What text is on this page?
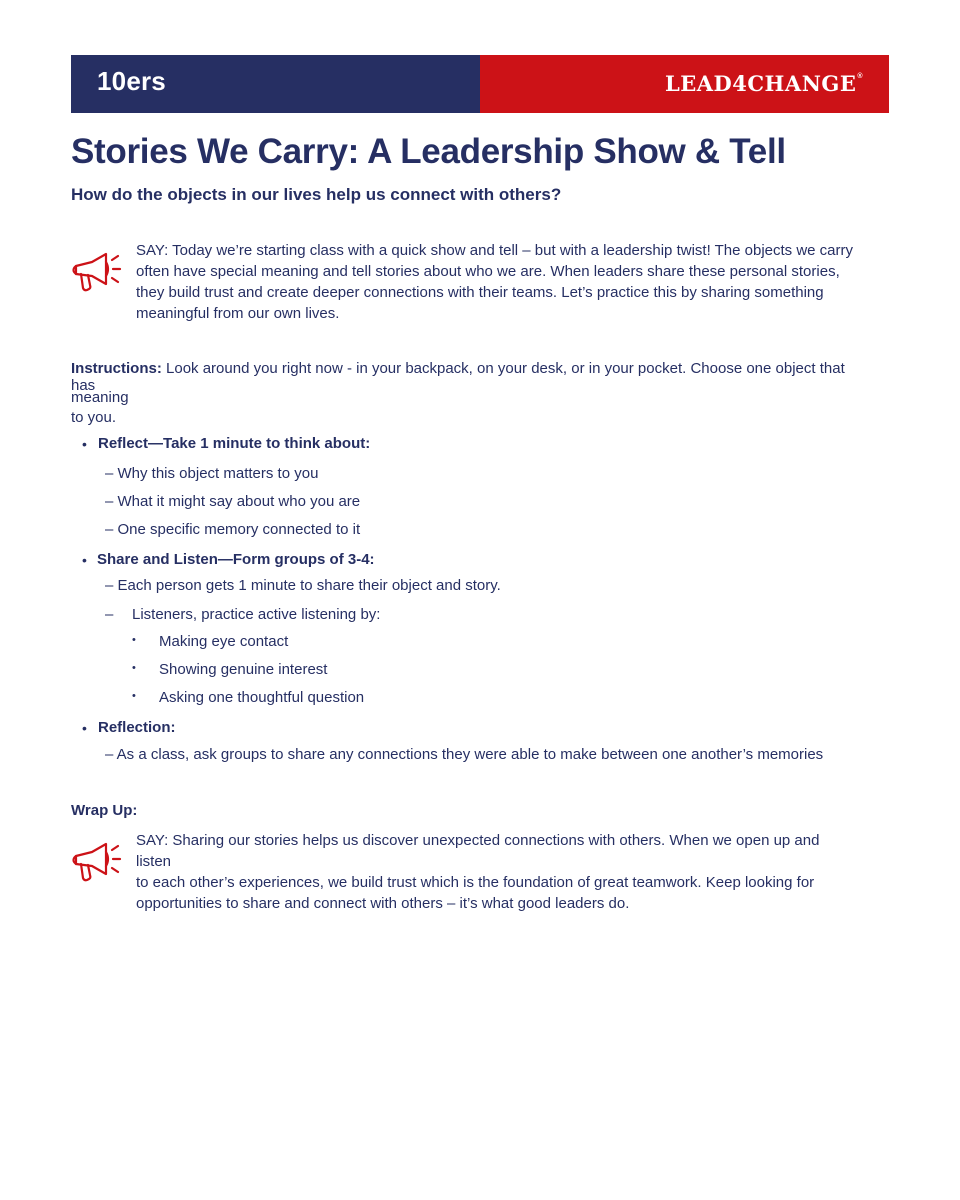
10ers	LEAD4CHANGE®
Stories We Carry: A Leadership Show & Tell
How do the objects in our lives help us connect with others?
SAY: Today we’re starting class with a quick show and tell – but with a leadership twist! The objects we carry
often have special meaning and tell stories about who we are. When leaders share these personal stories,
they build trust and create deeper connections with their teams. Let’s practice this by sharing something
meaningful from our own lives.

Instructions: Look around you right now - in your backpack, on your desk, or in your pocket. Choose one object that has

meaning

to you.

• Reflect—Take 1 minute to think about:

– Why this object matters to you

– What it might say about who you are

– One specific memory connected to it

• Share and Listen—Form groups of 3-4:

– Each person gets 1 minute to share their object and story.

– Listeners, practice active listening by:

• Making eye contact

• Showing genuine interest

• Asking one thoughtful question

• Reflection:

– As a class, ask groups to share any connections they were able to make between one another’s memories

Wrap Up:

SAY: Sharing our stories helps us discover unexpected connections with others. When we open up and listen
to each other’s experiences, we build trust which is the foundation of great teamwork. Keep looking for
opportunities to share and connect with others – it’s what good leaders do.
